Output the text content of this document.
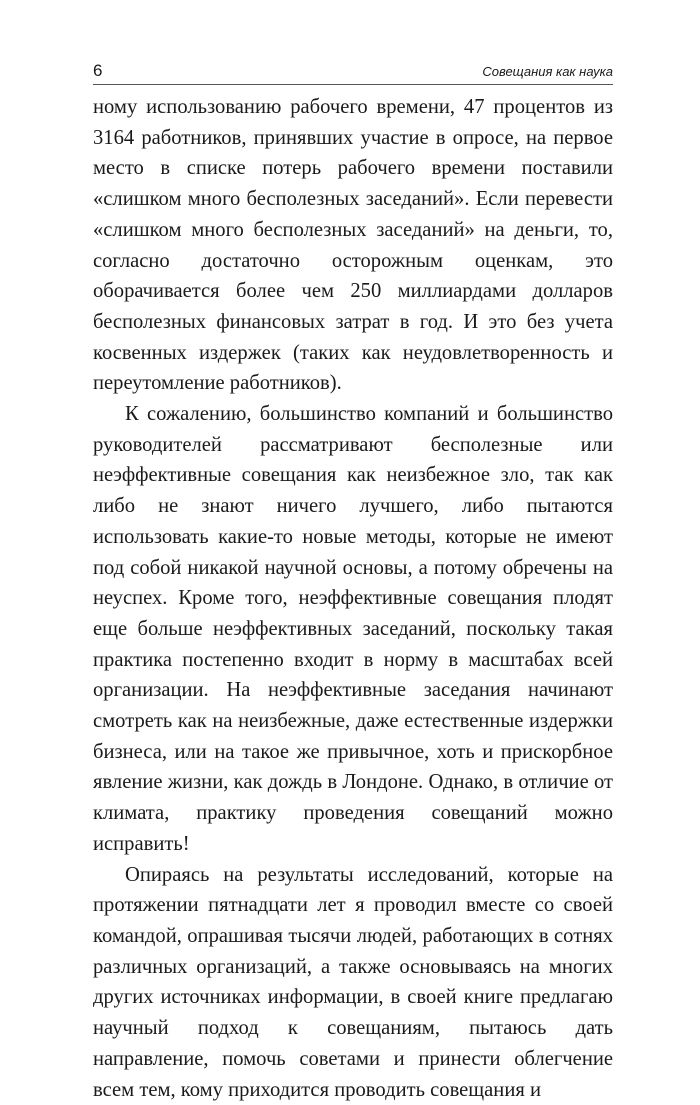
6	Совещания как наука

ному использованию рабочего времени, 47 процентов из 3164 работников, принявших участие в опросе, на первое место в списке потерь рабочего времени поставили «слишком много бесполезных заседаний». Если перевести «слишком много бесполезных заседаний» на деньги, то, согласно достаточно осторожным оценкам, это оборачивается более чем 250 миллиардами долларов бесполезных финансовых затрат в год. И это без учета косвенных издержек (таких как неудовлетворенность и переутомление работников).

К сожалению, большинство компаний и большинство руководителей рассматривают бесполезные или неэффективные совещания как неизбежное зло, так как либо не знают ничего лучшего, либо пытаются использовать какие-то новые методы, которые не имеют под собой никакой научной основы, а потому обречены на неуспех. Кроме того, неэффективные совещания плодят еще больше неэффективных заседаний, поскольку такая практика постепенно входит в норму в масштабах всей организации. На неэффективные заседания начинают смотреть как на неизбежные, даже естественные издержки бизнеса, или на такое же привычное, хоть и прискорбное явление жизни, как дождь в Лондоне. Однако, в отличие от климата, практику проведения совещаний можно исправить!

Опираясь на результаты исследований, которые на протяжении пятнадцати лет я проводил вместе со своей командой, опрашивая тысячи людей, работающих в сотнях различных организаций, а также основываясь на многих других источниках информации, в своей книге предлагаю научный подход к совещаниям, пытаюсь дать направление, помочь советами и принести облегчение всем тем, кому приходится проводить совещания и
